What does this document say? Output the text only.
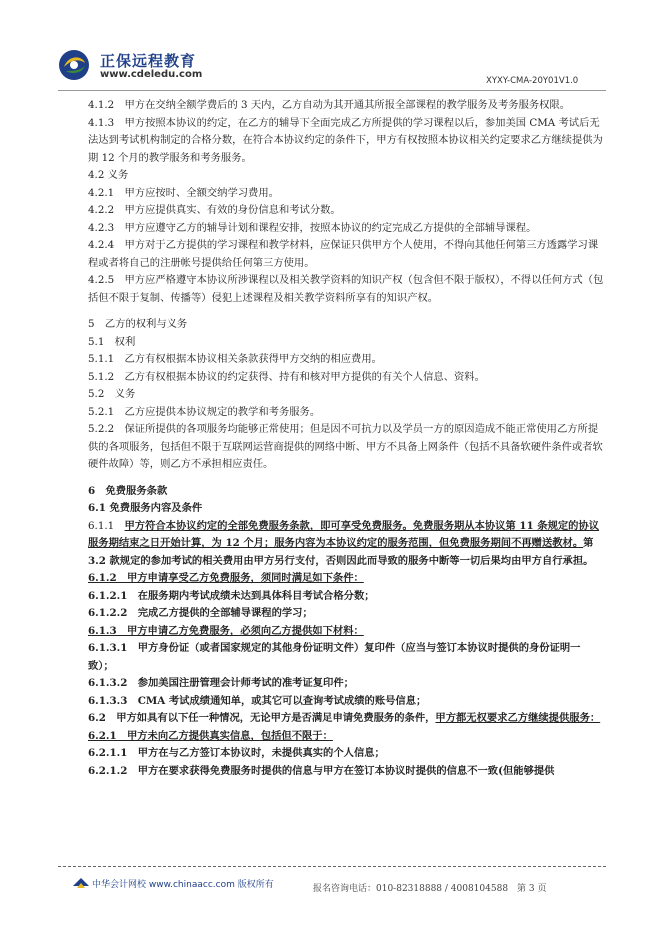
正保远程教育
www.cdeledu.com
XYXY-CMA-20Y01V1.0

4.1.2　甲方在交纳全额学费后的 3 天内，乙方自动为其开通其所报全部课程的教学服务及考务服务权限。

4.1.3　甲方按照本协议的约定，在乙方的辅导下全面完成乙方所提供的学习课程以后，参加美国 CMA 考试后无法达到考试机构制定的合格分数，在符合本协议约定的条件下，甲方有权按照本协议相关约定要求乙方继续提供为期 12 个月的教学服务和考务服务。

4.2 义务

4.2.1　甲方应按时、全额交纳学习费用。

4.2.2　甲方应提供真实、有效的身份信息和考试分数。

4.2.3　甲方应遵守乙方的辅导计划和课程安排，按照本协议的约定完成乙方提供的全部辅导课程。

4.2.4　甲方对于乙方提供的学习课程和教学材料，应保证只供甲方个人使用，不得向其他任何第三方透露学习课程或者将自己的注册帐号提供给任何第三方使用。

4.2.5　甲方应严格遵守本协议所涉课程以及相关教学资料的知识产权（包含但不限于版权），不得以任何方式（包括但不限于复制、传播等）侵犯上述课程及相关教学资料所享有的知识产权。

5　乙方的权利与义务

5.1　权利

5.1.1　乙方有权根据本协议相关条款获得甲方交纳的相应费用。

5.1.2　乙方有权根据本协议的约定获得、持有和核对甲方提供的有关个人信息、资料。

5.2　义务

5.2.1　乙方应提供本协议规定的教学和考务服务。

5.2.2　保证所提供的各项服务均能够正常使用；但是因不可抗力以及学员一方的原因造成不能正常使用乙方所提供的各项服务，包括但不限于互联网运营商提供的网络中断、甲方不具备上网条件（包括不具备软硬件条件或者软硬件故障）等，则乙方不承担相应责任。

6　免费服务条款

6.1 免费服务内容及条件

6.1.1　甲方符合本协议约定的全部免费服务条款，即可享受免费服务。免费服务期从本协议第 11 条规定的协议服务期结束之日开始计算，为 12 个月；服务内容为本协议约定的服务范围，但免费服务期间不再赠送教材。第 3.2 款规定的参加考试的相关费用由甲方另行支付，否则因此而导致的服务中断等一切后果均由甲方自行承担。

6.1.2　甲方申请享受乙方免费服务，须同时满足如下条件：

6.1.2.1　在服务期内考试成绩未达到具体科目考试合格分数；

6.1.2.2　完成乙方提供的全部辅导课程的学习；

6.1.3　甲方申请乙方免费服务，必须向乙方提供如下材料：

6.1.3.1　甲方身份证（或者国家规定的其他身份证明文件）复印件（应当与签订本协议时提供的身份证明一致）；

6.1.3.2　参加美国注册管理会计师考试的准考证复印件；

6.1.3.3　CMA 考试成绩通知单，或其它可以查询考试成绩的账号信息；

6.2　甲方如具有以下任一种情况，无论甲方是否满足申请免费服务的条件，甲方都无权要求乙方继续提供服务：

6.2.1　甲方未向乙方提供真实信息，包括但不限于：

6.2.1.1　甲方在与乙方签订本协议时，未提供真实的个人信息；

6.2.1.2　甲方在要求获得免费服务时提供的信息与甲方在签订本协议时提供的信息不一致(但能够提供

中华会计网校 www.chinaacc.com 版权所有	报名咨询电话：010-82318888 / 4008104588　第 3 页
